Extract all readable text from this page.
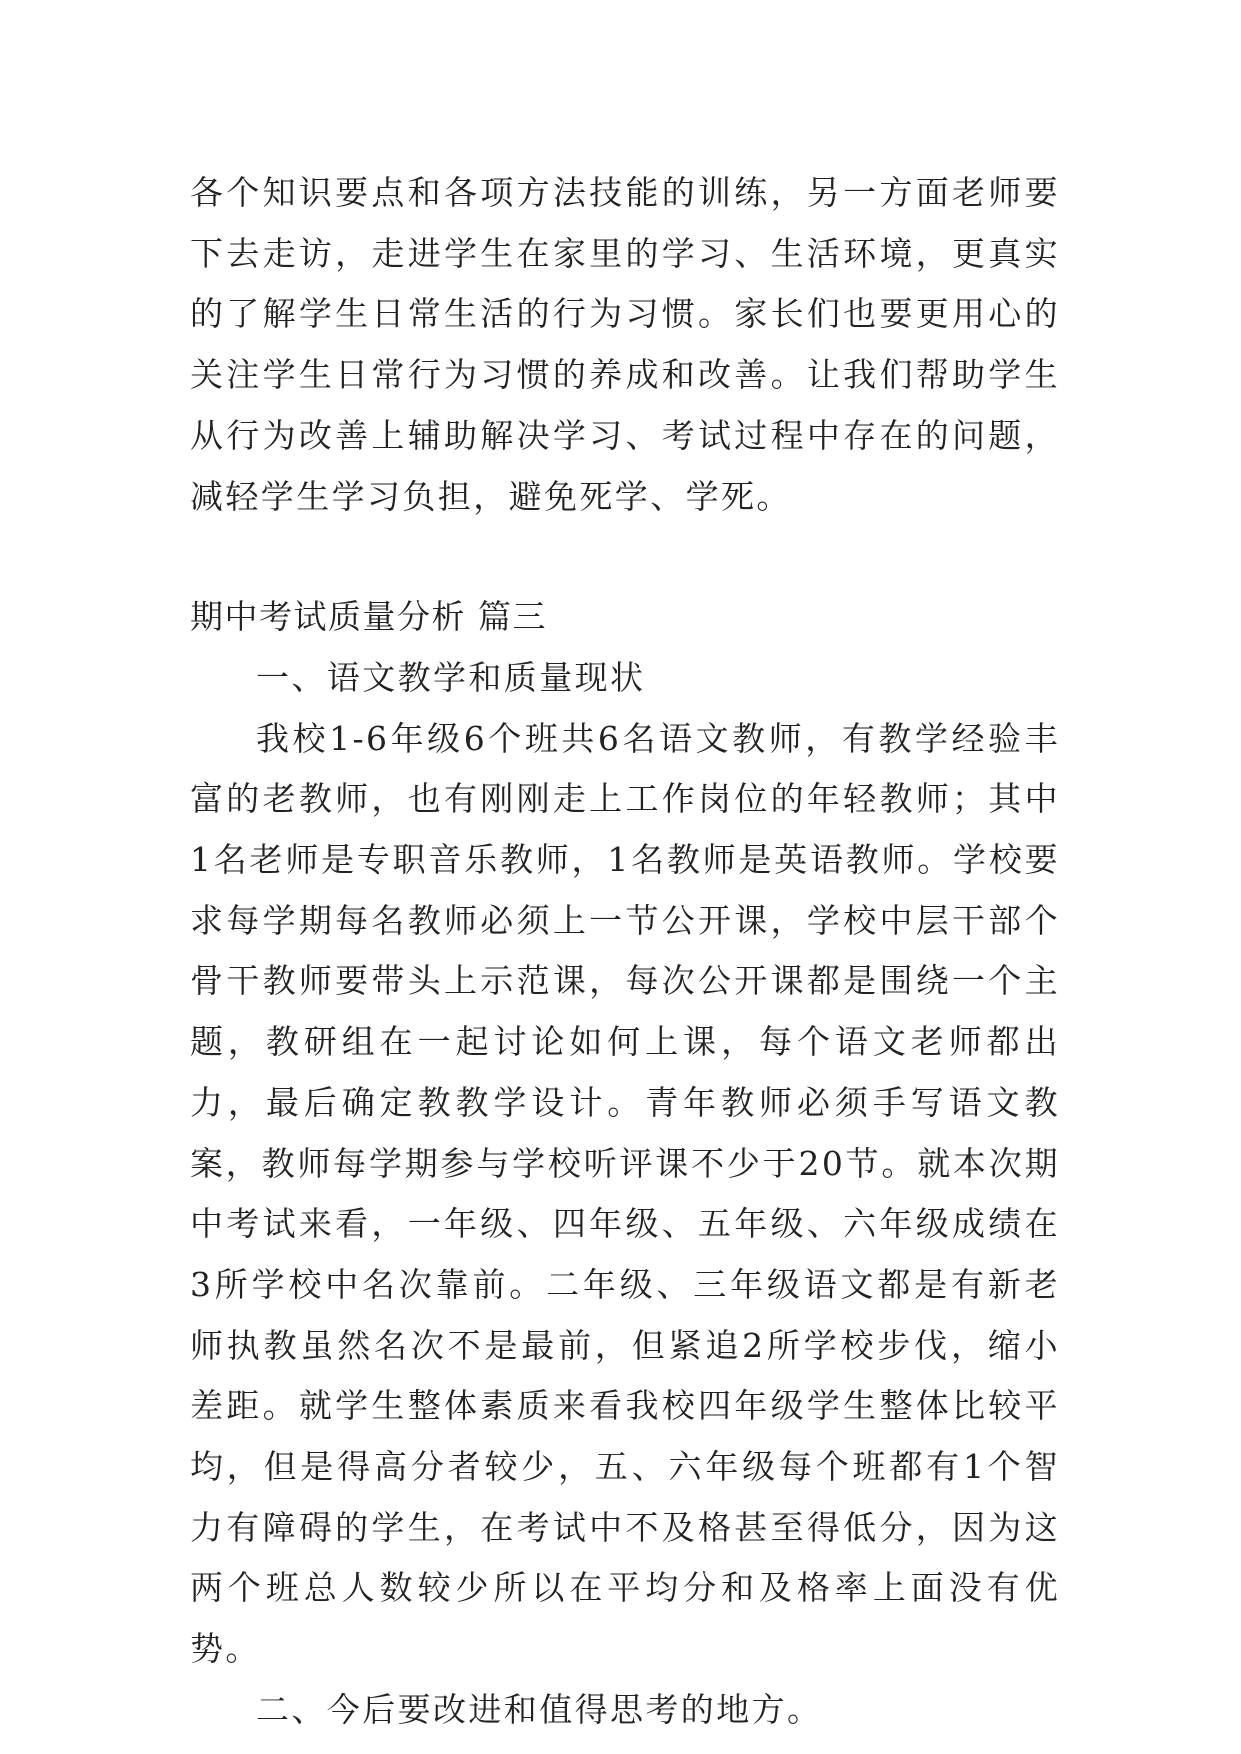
各个知识要点和各项方法技能的训练，另一方面老师要下去走访，走进学生在家里的学习、生活环境，更真实的了解学生日常生活的行为习惯。家长们也要更用心的关注学生日常行为习惯的养成和改善。让我们帮助学生从行为改善上辅助解决学习、考试过程中存在的问题，减轻学生学习负担，避免死学、学死。

期中考试质量分析 篇三

一、语文教学和质量现状

我校1-6年级6个班共6名语文教师，有教学经验丰富的老教师，也有刚刚走上工作岗位的年轻教师；其中1名老师是专职音乐教师，1名教师是英语教师。学校要求每学期每名教师必须上一节公开课，学校中层干部个骨干教师要带头上示范课，每次公开课都是围绕一个主题，教研组在一起讨论如何上课，每个语文老师都出力，最后确定教教学设计。青年教师必须手写语文教案，教师每学期参与学校听评课不少于20节。就本次期中考试来看，一年级、四年级、五年级、六年级成绩在3所学校中名次靠前。二年级、三年级语文都是有新老师执教虽然名次不是最前，但紧追2所学校步伐，缩小差距。就学生整体素质来看我校四年级学生整体比较平均，但是得高分者较少，五、六年级每个班都有1个智力有障碍的学生，在考试中不及格甚至得低分，因为这两个班总人数较少所以在平均分和及格率上面没有优势。

二、今后要改进和值得思考的地方。
